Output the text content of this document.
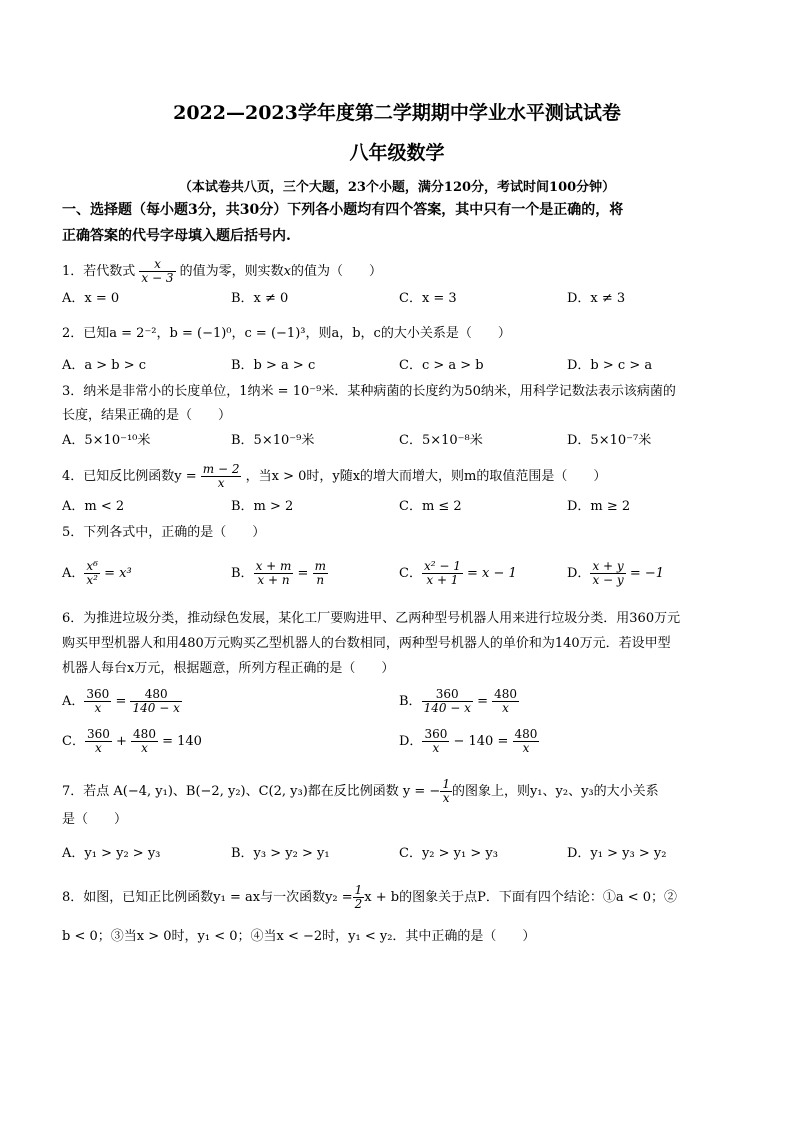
2022—2023学年度第二学期期中学业水平测试试卷
八年级数学
（本试卷共八页，三个大题，23个小题，满分120分，考试时间100分钟）
一、选择题（每小题3分，共30分）下列各小题均有四个答案，其中只有一个是正确的，将
正确答案的代号字母填入题后括号内.
1．若代数式 $\frac{x}{x - 3}$ 的值为零，则实数x的值为（　　）
A．x = 0	B．x ≠ 0	C．x = 3	D．x ≠ 3
2．已知a = 2⁻²，b = (−1)⁰，c = (−1)³，则a，b，c的大小关系是（　　）
A．a > b > c	B．b > a > c	C．c > a > b	D．b > c > a
3．纳米是非常小的长度单位，1纳米 = 10⁻⁹米．某种病菌的长度约为50纳米，用科学记数法表示该病菌的
长度，结果正确的是（　　）
A．5×10⁻¹⁰米	B．5×10⁻⁹米	C．5×10⁻⁸米	D．5×10⁻⁷米
4．已知反比例函数$y = \frac{m - 2}{x}$ ，当x > 0时，y随x的增大而增大，则m的取值范围是（　　）
A．m < 2	B．m > 2	C．m ≤ 2	D．m ≥ 2
5．下列各式中，正确的是（　　）
A． $\frac{\text{x⁶}}{\text{x²}} = x^3$	B． $\frac{x + m}{x + n} = \frac{m}{n}$	C． $\frac{\text{x² − 1}}{x + 1} = x - 1$	D． $\frac{x + y}{x - y} = -1$
6．为推进垃圾分类，推动绿色发展，某化工厂要购进甲、乙两种型号机器人用来进行垃圾分类．用360万元
购买甲型机器人和用480万元购买乙型机器人的台数相同，两种型号机器人的单价和为140万元．若设甲型
机器人每台x万元，根据题意，所列方程正确的是（　　）
A． $\frac{360}{x} = \frac{480}{140 - x}$	B． $\frac{360}{140 - x} = \frac{480}{x}$
C． $\frac{360}{x} + \frac{480}{x} = 140$	D． $\frac{360}{x} - 140 = \frac{480}{x}$
7．若点 A(−4, y₁)、B(−2, y₂)、C(2, y₃)都在反比例函数 y = − $\frac{1}{x}$ 的图象上，则y₁、y₂、y₃的大小关系
是（　　）
A．y₁ > y₂ > y₃	B．y₃ > y₂ > y₁	C．y₂ > y₁ > y₃	D．y₁ > y₃ > y₂
8．如图，已知正比例函数y₁ = ax与一次函数$y_2 = \frac{1}{2}$ x + b的图象关于点P．下面有四个结论：①a < 0；②
b < 0；③当x > 0时，y₁ < 0；④当x < −2时，y₁ < y₂．其中正确的是（　　）
